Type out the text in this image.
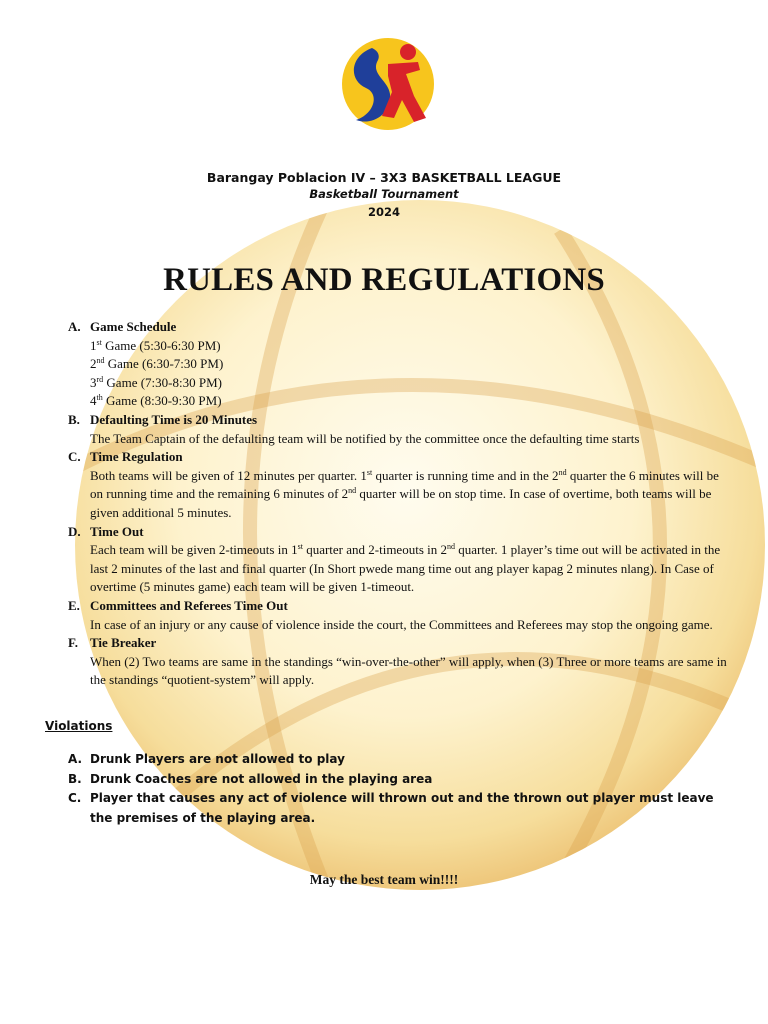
Barangay Poblacion IV – 3X3 BASKETBALL LEAGUE
Basketball Tournament
2024
RULES AND REGULATIONS
A. Game Schedule
1st Game (5:30-6:30 PM)
2nd Game (6:30-7:30 PM)
3rd Game (7:30-8:30 PM)
4th Game (8:30-9:30 PM)
B. Defaulting Time is 20 Minutes
The Team Captain of the defaulting team will be notified by the committee once the defaulting time starts
C. Time Regulation
Both teams will be given of 12 minutes per quarter. 1st quarter is running time and in the 2nd quarter the 6 minutes will be on running time and the remaining 6 minutes of 2nd quarter will be on stop time. In case of overtime, both teams will be given additional 5 minutes.
D. Time Out
Each team will be given 2-timeouts in 1st quarter and 2-timeouts in 2nd quarter. 1 player’s time out will be activated in the last 2 minutes of the last and final quarter (In Short pwede mang time out ang player kapag 2 minutes nlang). In Case of overtime (5 minutes game) each team will be given 1-timeout.
E. Committees and Referees Time Out
In case of an injury or any cause of violence inside the court, the Committees and Referees may stop the ongoing game.
F. Tie Breaker
When (2) Two teams are same in the standings “win-over-the-other” will apply, when (3) Three or more teams are same in the standings “quotient-system” will apply.
Violations
A. Drunk Players are not allowed to play
B. Drunk Coaches are not allowed in the playing area
C. Player that causes any act of violence will thrown out and the thrown out player must leave the premises of the playing area.
May the best team win!!!!
